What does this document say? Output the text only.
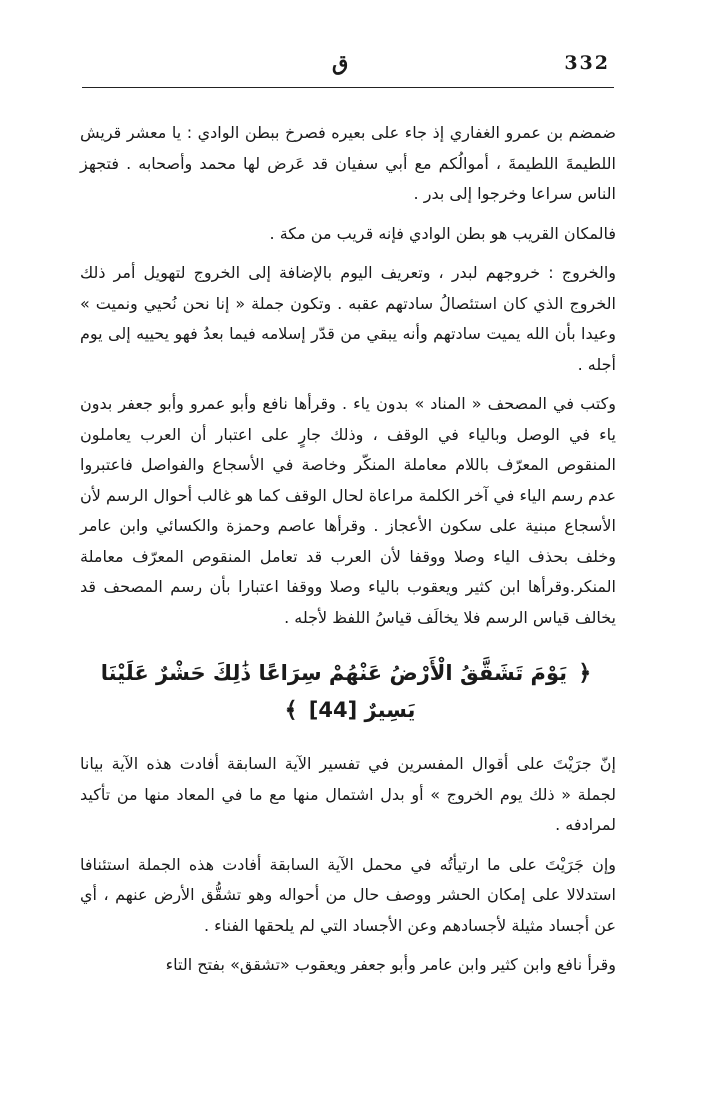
ق	332

ضمضم بن عمرو الغفاري إذ جاء على بعيره فصرخ ببطن الوادي : يا معشر قريش اللطيمةَ اللطيمةَ ، أموالُكم مع أبي سفيان قد عَرض لها محمد وأصحابه . فتجهز الناس سراعا وخرجوا إلى بدر .

فالمكان القريب هو بطن الوادي فإنه قريب من مكة .

والخروج : خروجهم لبدر ، وتعريف اليوم بالإضافة إلى الخروج لتهويل أمر ذلك الخروج الذي كان استئصالُ سادتهم عقبه . وتكون جملة « إنا نحن نُحيي ونميت » وعيدا بأن الله يميت سادتهم وأنه يبقي من قدّر إسلامه فيما بعدُ فهو يحييه إلى يوم أجله .

وكتب في المصحف « المناد » بدون ياء . وقرأها نافع وأبو عمرو وأبو جعفر بدون ياء في الوصل وبالياء في الوقف ، وذلك جارٍ على اعتبار أن العرب يعاملون المنقوص المعرّف باللام معاملة المنكّر وخاصة في الأسجاع والفواصل فاعتبروا عدم رسم الياء في آخر الكلمة مراعاة لحال الوقف كما هو غالب أحوال الرسم لأن الأسجاع مبنية على سكون الأعجاز . وقرأها عاصم وحمزة والكسائي وابن عامر وخلف بحذف الياء وصلا ووقفا لأن العرب قد تعامل المنقوص المعرّف معاملة المنكر.وقرأها ابن كثير ويعقوب بالياء وصلا ووقفا اعتبارا بأن رسم المصحف قد يخالف قياس الرسم فلا يخالَف قياسُ اللفظ لأجله .

﴿ يَوْمَ تَشَقَّقُ الْأَرْضُ عَنْهُمْ سِرَاعًا ذَٰلِكَ حَشْرٌ عَلَيْنَا يَسِيرٌ [44] ﴾

إنّ جرَيْتَ على أقوال المفسرين في تفسير الآية السابقة أفادت هذه الآية بيانا لجملة « ذلك يوم الخروج » أو بدل اشتمال منها مع ما في المعاد منها من تأكيد لمرادفه .

وإن جَرَيْتَ على ما ارتيأتُه في محمل الآية السابقة أفادت هذه الجملة استئنافا استدلالا على إمكان الحشر ووصف حال من أحواله وهو تشقُّق الأرض عنهم ، أي عن أجساد مثيلة لأجسادهم وعن الأجساد التي لم يلحقها الفناء .

وقرأ نافع وابن كثير وابن عامر وأبو جعفر ويعقوب «تشقق» بفتح التاء
